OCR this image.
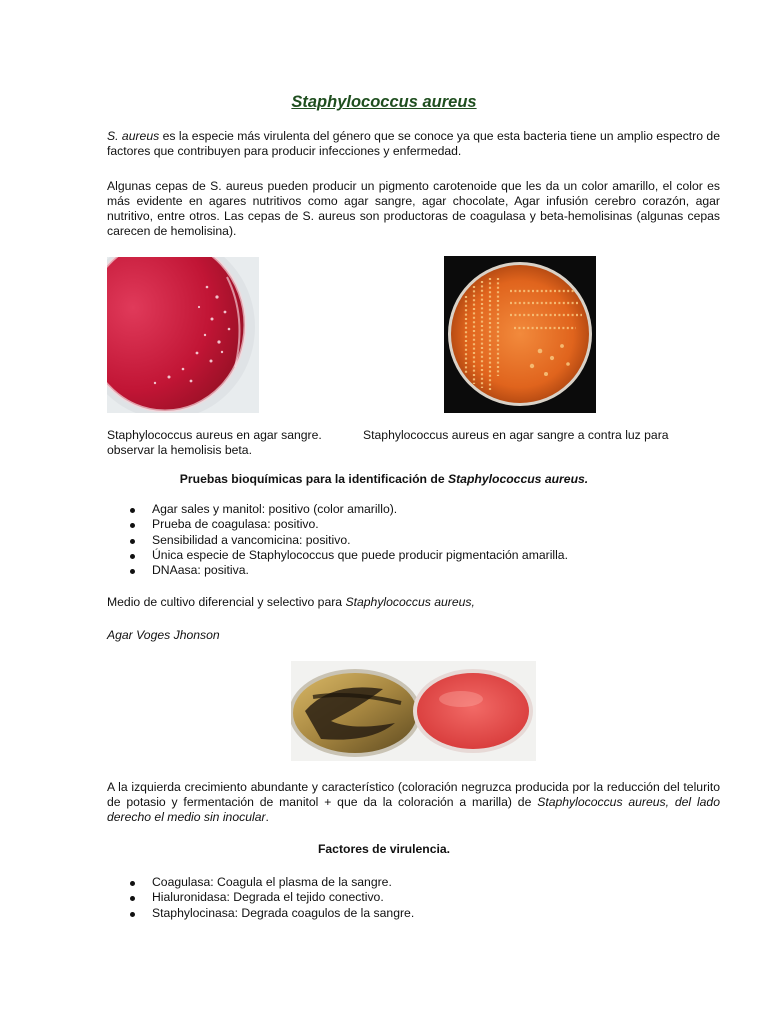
Staphylococcus aureus
S. aureus es la especie más virulenta del género que se conoce ya que esta bacteria tiene un amplio espectro de factores que contribuyen para producir infecciones y enfermedad.
Algunas cepas de S. aureus pueden producir un pigmento carotenoide que les da un color amarillo, el color es más evidente en agares nutritivos como agar sangre, agar chocolate, Agar infusión cerebro corazón, agar nutritivo, entre otros. Las cepas de S. aureus son productoras de coagulasa y beta-hemolisinas (algunas cepas carecen de hemolisina).
Staphylococcus aureus en agar sangre. observar la hemolisis beta.
Staphylococcus aureus en agar sangre a contra luz para
Pruebas bioquímicas para la identificación de Staphylococcus aureus.
Agar sales y manitol: positivo (color amarillo).
Prueba de coagulasa: positivo.
Sensibilidad a vancomicina: positivo.
Única especie de Staphylococcus que puede producir pigmentación amarilla.
DNAasa: positiva.
Medio de cultivo diferencial y selectivo para Staphylococcus aureus,
Agar Voges Jhonson
A la izquierda crecimiento abundante y característico (coloración negruzca producida por la reducción del telurito de potasio y fermentación de manitol + que da la coloración a marilla) de Staphylococcus aureus, del lado derecho el medio sin inocular.
Factores de virulencia.
Coagulasa: Coagula el plasma de la sangre.
Hialuronidasa: Degrada el tejido conectivo.
Staphylocinasa: Degrada coagulos de la sangre.
